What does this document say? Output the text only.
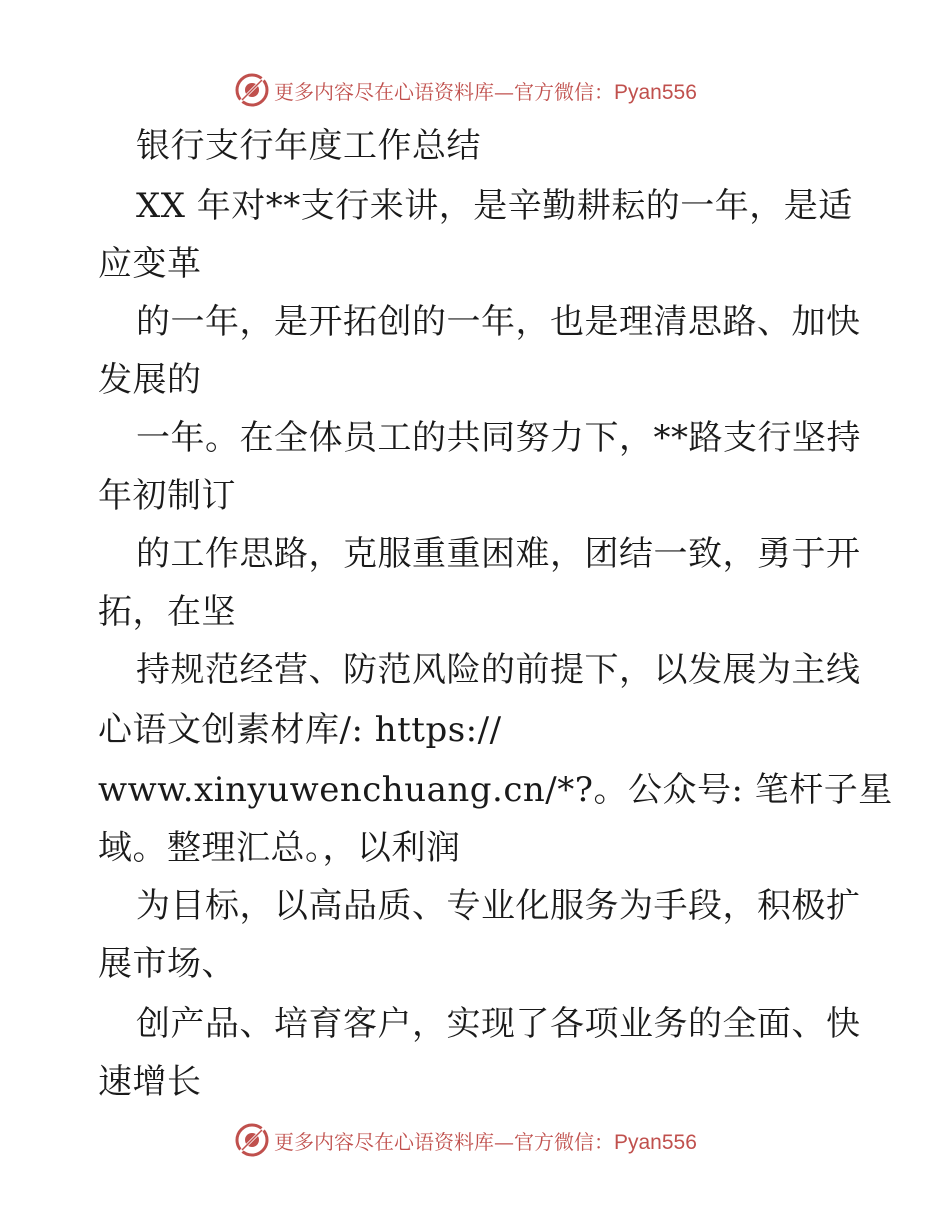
更多内容尽在心语资料库—官方微信：Pyan556
银行支行年度工作总结
XX 年对**支行来讲，是辛勤耕耘的一年，是适
应变革
的一年，是开拓创的一年，也是理清思路、加快
发展的
一年。在全体员工的共同努力下，**路支行坚持
年初制订
的工作思路，克服重重困难，团结一致，勇于开
拓，在坚
持规范经营、防范风险的前提下，以发展为主线
心语文创素材库/: https://
www.xinyuwenchuang.cn/*?。公众号: 笔杆子星
域。整理汇总。，以利润
为目标，以高品质、专业化服务为手段，积极扩
展市场、
创产品、培育客户，实现了各项业务的全面、快
速增长
更多内容尽在心语资料库—官方微信：Pyan556
